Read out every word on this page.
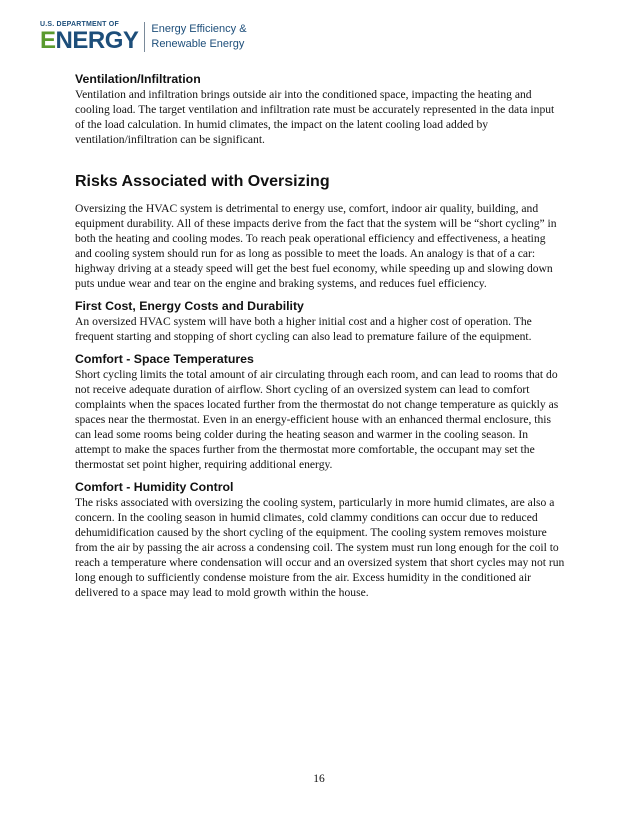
U.S. DEPARTMENT OF
ENERGY Energy Efficiency &
Renewable Energy
Ventilation/Infiltration

Ventilation and infiltration brings outside air into the conditioned space, impacting the heating and cooling load. The target ventilation and infiltration rate must be accurately represented in the data input of the load calculation. In humid climates, the impact on the latent cooling load added by ventilation/infiltration can be significant.

Risks Associated with Oversizing

Oversizing the HVAC system is detrimental to energy use, comfort, indoor air quality, building, and equipment durability. All of these impacts derive from the fact that the system will be “short cycling” in both the heating and cooling modes. To reach peak operational efficiency and effectiveness, a heating and cooling system should run for as long as possible to meet the loads. An analogy is that of a car: highway driving at a steady speed will get the best fuel economy, while speeding up and slowing down puts undue wear and tear on the engine and braking systems, and reduces fuel efficiency.

First Cost, Energy Costs and Durability

An oversized HVAC system will have both a higher initial cost and a higher cost of operation. The frequent starting and stopping of short cycling can also lead to premature failure of the equipment.

Comfort - Space Temperatures

Short cycling limits the total amount of air circulating through each room, and can lead to rooms that do not receive adequate duration of airflow. Short cycling of an oversized system can lead to comfort complaints when the spaces located further from the thermostat do not change temperature as quickly as spaces near the thermostat. Even in an energy-efficient house with an enhanced thermal enclosure, this can lead some rooms being colder during the heating season and warmer in the cooling season. In attempt to make the spaces further from the thermostat more comfortable, the occupant may set the thermostat set point higher, requiring additional energy.

Comfort - Humidity Control

The risks associated with oversizing the cooling system, particularly in more humid climates, are also a concern. In the cooling season in humid climates, cold clammy conditions can occur due to reduced dehumidification caused by the short cycling of the equipment. The cooling system removes moisture from the air by passing the air across a condensing coil. The system must run long enough for the coil to reach a temperature where condensation will occur and an oversized system that short cycles may not run long enough to sufficiently condense moisture from the air. Excess humidity in the conditioned air delivered to a space may lead to mold growth within the house.

16
